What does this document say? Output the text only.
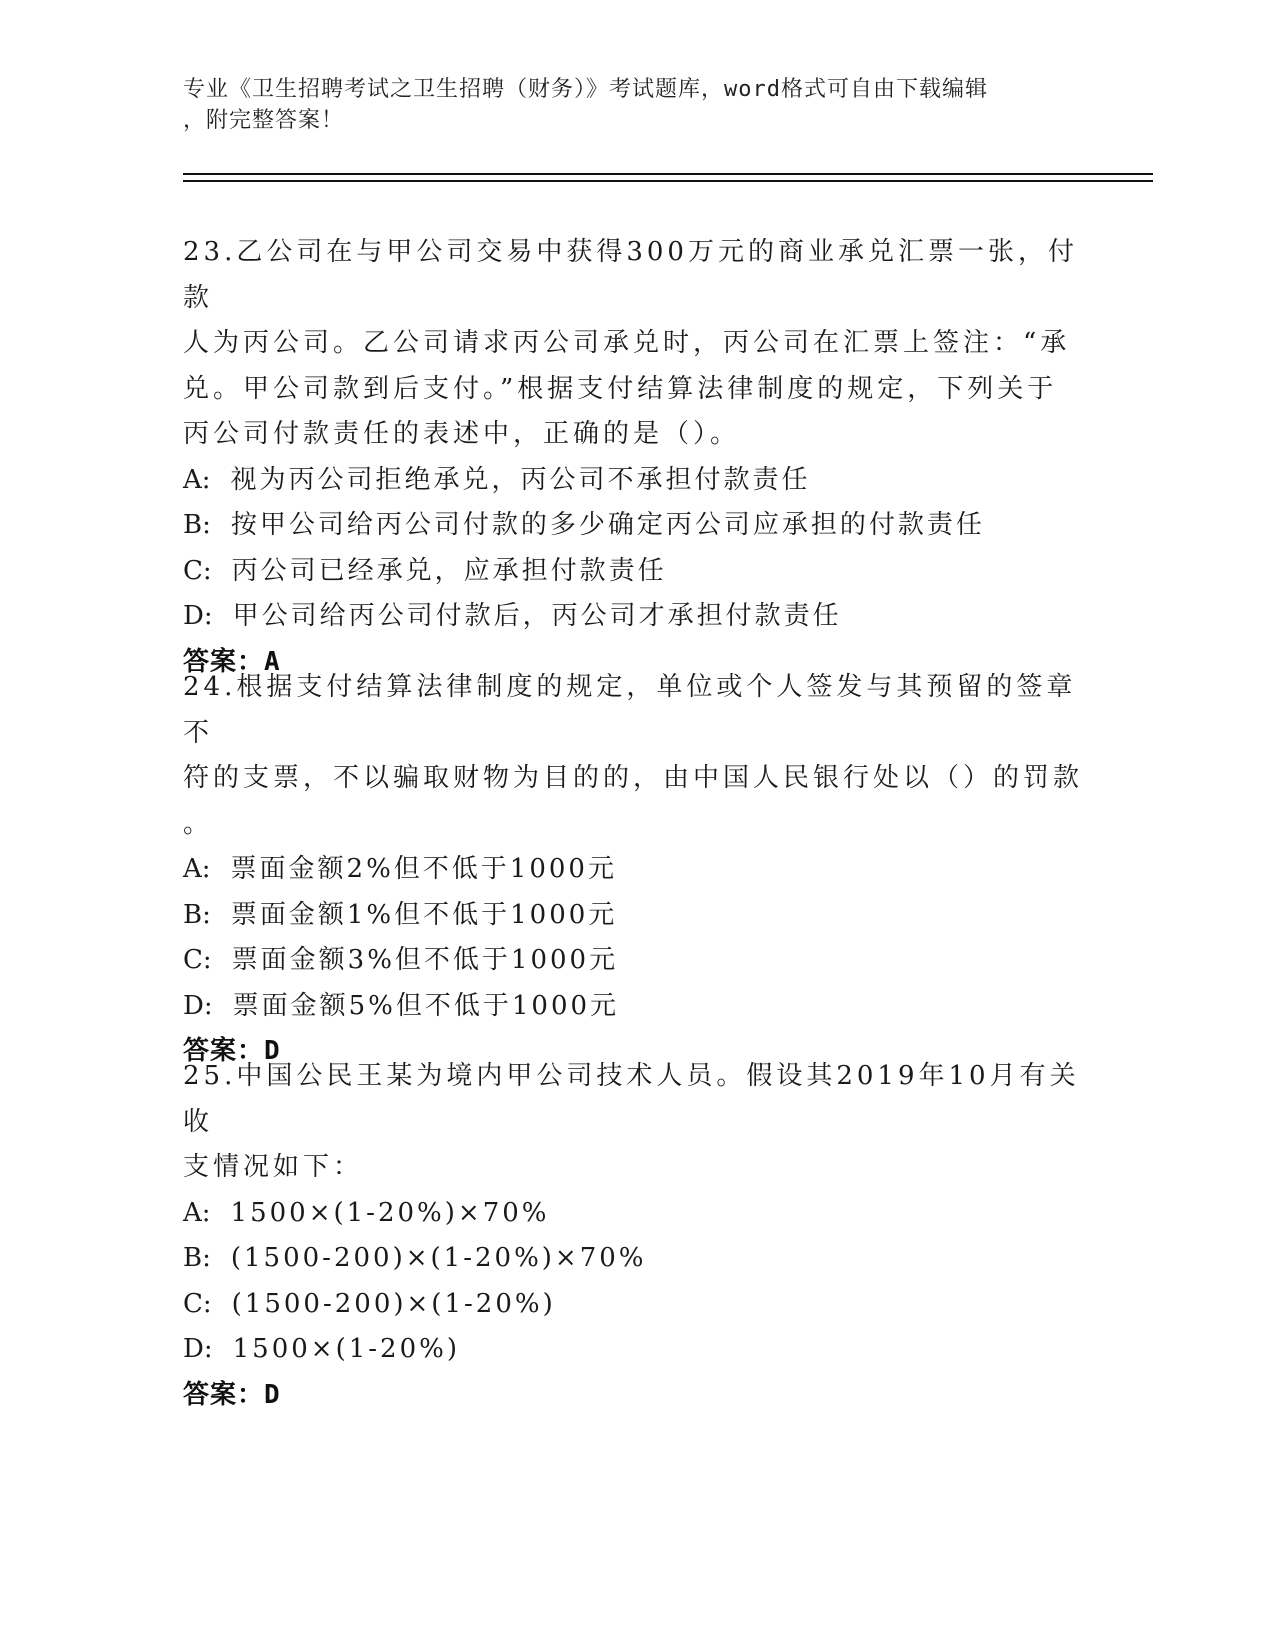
专业《卫生招聘考试之卫生招聘（财务）》考试题库，word格式可自由下载编辑
，附完整答案！
23.乙公司在与甲公司交易中获得300万元的商业承兑汇票一张，付款
人为丙公司。乙公司请求丙公司承兑时，丙公司在汇票上签注：“承
兑。甲公司款到后支付。”根据支付结算法律制度的规定，下列关于
丙公司付款责任的表述中，正确的是（）。
A: 视为丙公司拒绝承兑，丙公司不承担付款责任
B: 按甲公司给丙公司付款的多少确定丙公司应承担的付款责任
C: 丙公司已经承兑，应承担付款责任
D: 甲公司给丙公司付款后，丙公司才承担付款责任
答案：A
24.根据支付结算法律制度的规定，单位或个人签发与其预留的签章不
符的支票，不以骗取财物为目的的，由中国人民银行处以（）的罚款
。
A: 票面金额2%但不低于1000元
B: 票面金额1%但不低于1000元
C: 票面金额3%但不低于1000元
D: 票面金额5%但不低于1000元
答案：D
25.中国公民王某为境内甲公司技术人员。假设其2019年10月有关收
支情况如下：
A: 1500×(1-20%)×70%
B: (1500-200)×(1-20%)×70%
C: (1500-200)×(1-20%)
D: 1500×(1-20%)
答案：D
